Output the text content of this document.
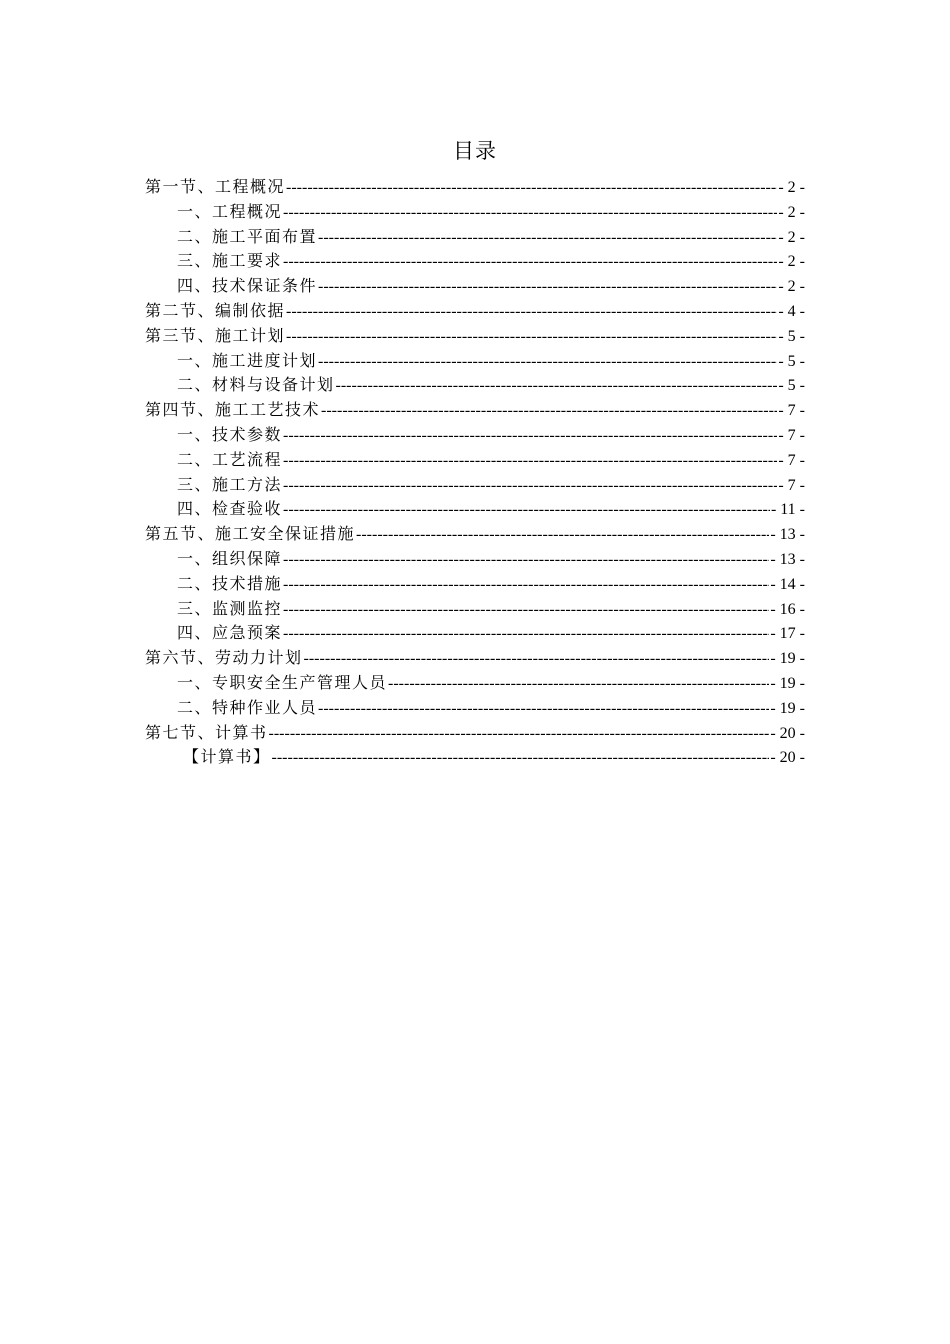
目录
第一节、工程概况 -----	- 2 -
一、工程概况 -----	- 2 -
二、施工平面布置 -----	- 2 -
三、施工要求 -----	- 2 -
四、技术保证条件 -----	- 2 -
第二节、编制依据 -----	- 4 -
第三节、施工计划 -----	- 5 -
一、施工进度计划 -----	- 5 -
二、材料与设备计划 -----	- 5 -
第四节、施工工艺技术 -----	- 7 -
一、技术参数 -----	- 7 -
二、工艺流程 -----	- 7 -
三、施工方法 -----	- 7 -
四、检查验收 -----	- 11 -
第五节、施工安全保证措施 -----	- 13 -
一、组织保障 -----	- 13 -
二、技术措施 -----	- 14 -
三、监测监控 -----	- 16 -
四、应急预案 -----	- 17 -
第六节、劳动力计划 -----	- 19 -
一、专职安全生产管理人员 -----	- 19 -
二、特种作业人员 -----	- 19 -
第七节、计算书 -----	- 20 -
【计算书】 -----	- 20 -
